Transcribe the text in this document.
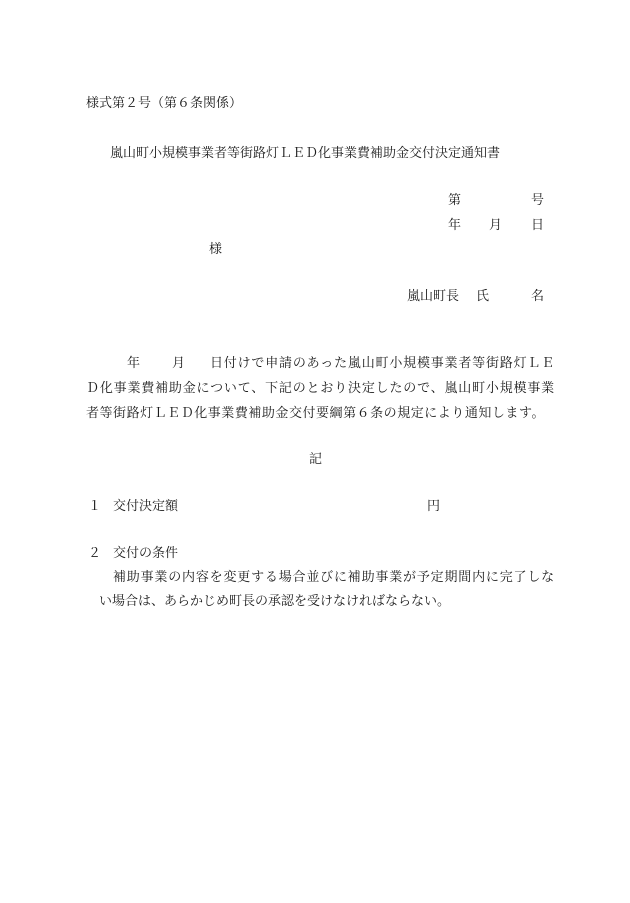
様式第２号（第６条関係）
嵐山町小規模事業者等街路灯ＬＥＤ化事業費補助金交付決定通知書
第	号
年 月 日
様
嵐山町長 氏	名
年 月 日付けで申請のあった嵐山町小規模事業者等街路灯ＬＥ
Ｄ化事業費補助金について、下記のとおり決定したので、嵐山町小規模事業
者等街路灯ＬＥＤ化事業費補助金交付要綱第６条の規定により通知します。
記
１ 交付決定額	円
２ 交付の条件
補助事業の内容を変更する場合並びに補助事業が予定期間内に完了しな
い場合は、あらかじめ町長の承認を受けなければならない。
